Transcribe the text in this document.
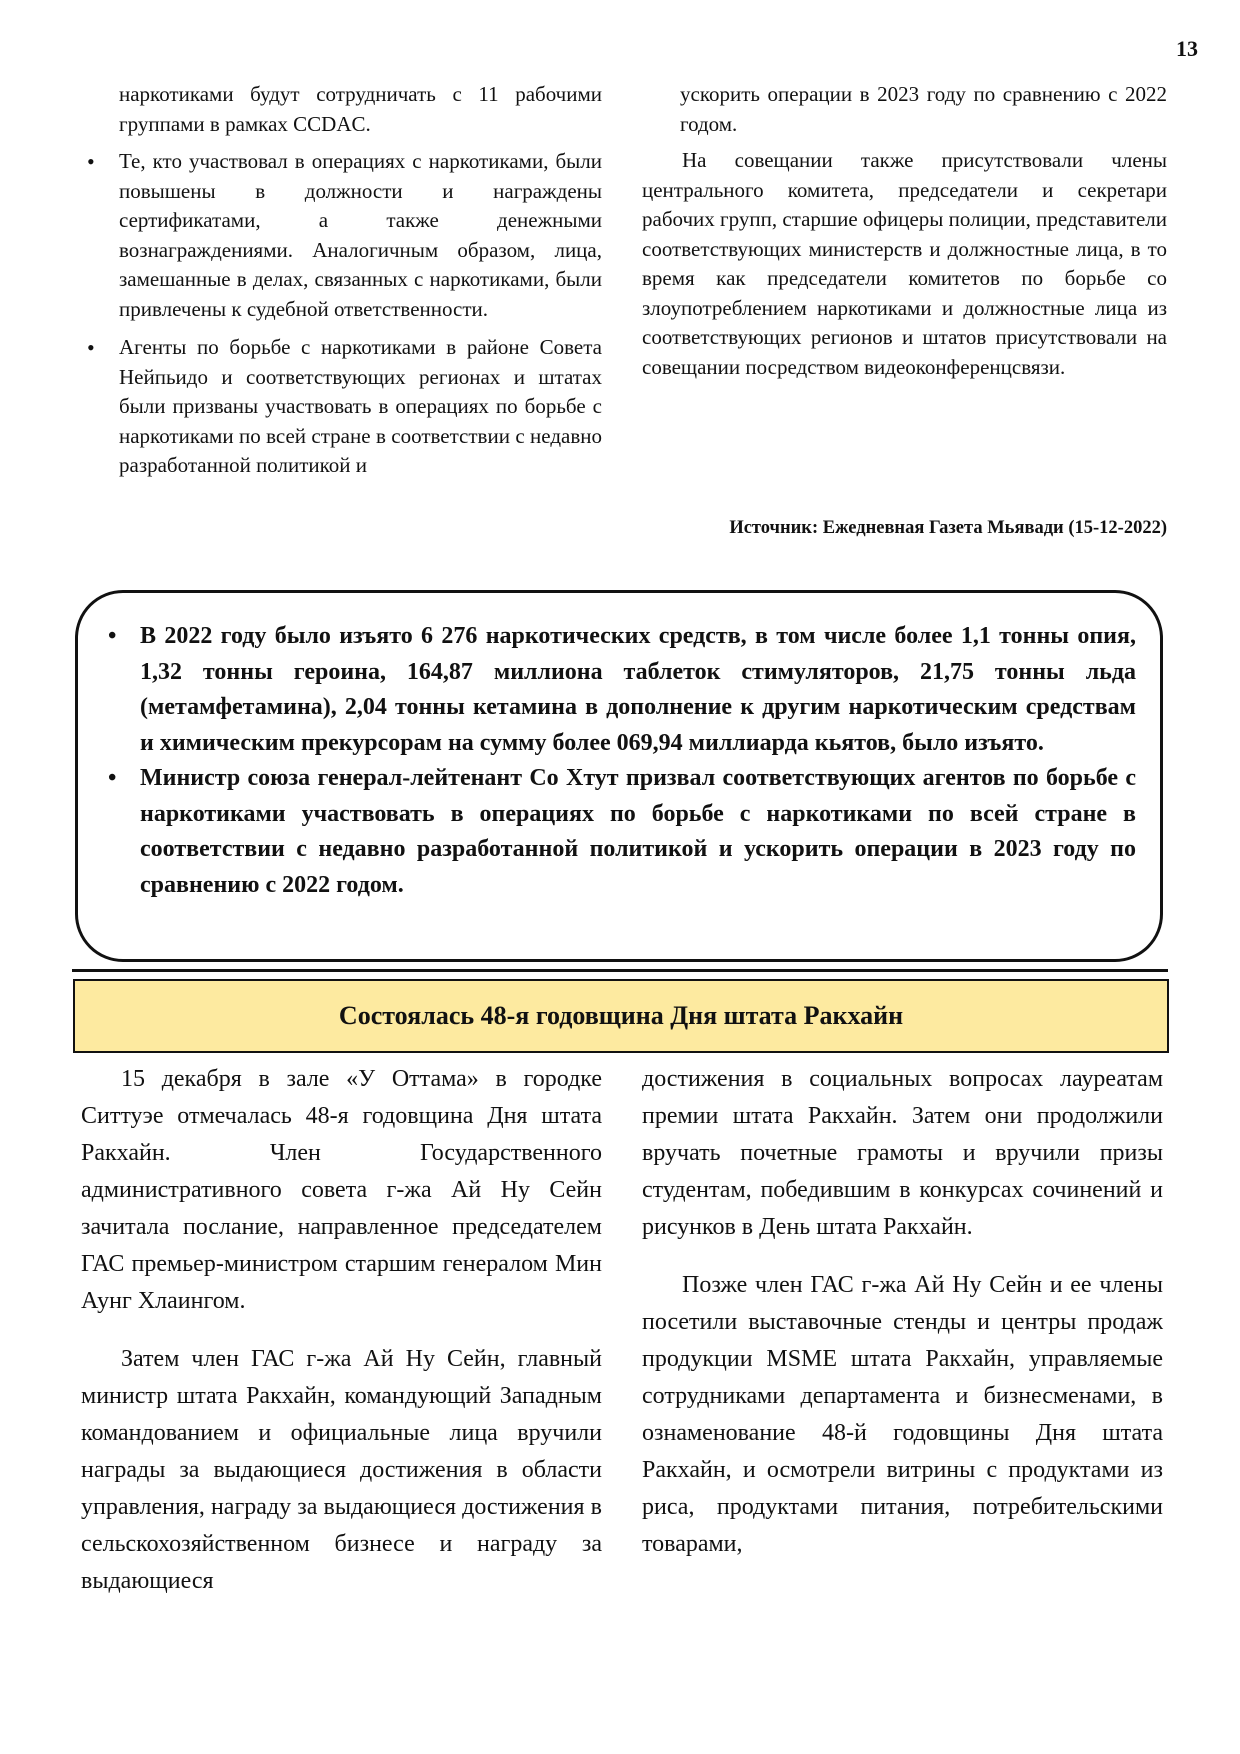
13

наркотиками будут сотрудничать с 11 рабочими группами в рамках CCDAC.

• Те, кто участвовал в операциях с наркотиками, были повышены в должности и награждены сертификатами, а также денежными вознаграждениями. Аналогичным образом, лица, замешанные в делах, связанных с наркотиками, были привлечены к судебной ответственности.
• Агенты по борьбе с наркотиками в районе Совета Нейпьидо и соответствующих регионах и штатах были призваны участвовать в операциях по борьбе с наркотиками по всей стране в соответствии с недавно разработанной политикой и

ускорить операции в 2023 году по сравнению с 2022 годом.

На совещании также присутствовали члены центрального комитета, председатели и секретари рабочих групп, старшие офицеры полиции, представители соответствующих министерств и должностные лица, в то время как председатели комитетов по борьбе со злоупотреблением наркотиками и должностные лица из соответствующих регионов и штатов присутствовали на совещании посредством видеоконференцсвязи.

Источник: Ежедневная Газета Мьявади (15-12-2022)
• В 2022 году было изъято 6 276 наркотических средств, в том числе более 1,1 тонны опия, 1,32 тонны героина, 164,87 миллиона таблеток стимуляторов, 21,75 тонны льда (метамфетамина), 2,04 тонны кетамина в дополнение к другим наркотическим средствам и химическим прекурсорам на сумму более 069,94 миллиарда кьятов, было изъято.
• Министр союза генерал-лейтенант Со Хтут призвал соответствующих агентов по борьбе с наркотиками участвовать в операциях по борьбе с наркотиками по всей стране в соответствии с недавно разработанной политикой и ускорить операции в 2023 году по сравнению с 2022 годом.
Состоялась 48-я годовщина Дня штата Ракхайн

15 декабря в зале «У Оттама» в городке Ситтуэе отмечалась 48-я годовщина Дня штата Ракхайн. Член Государственного административного совета г-жа Ай Ну Сейн зачитала послание, направленное председателем ГАС премьер-министром старшим генералом Мин Аунг Хлаингом.

Затем член ГАС г-жа Ай Ну Сейн, главный министр штата Ракхайн, командующий Западным командованием и официальные лица вручили награды за выдающиеся достижения в области управления, награду за выдающиеся достижения в сельскохозяйственном бизнесе и награду за выдающиеся

достижения в социальных вопросах лауреатам премии штата Ракхайн. Затем они продолжили вручать почетные грамоты и вручили призы студентам, победившим в конкурсах сочинений и рисунков в День штата Ракхайн.

Позже член ГАС г-жа Ай Ну Сейн и ее члены посетили выставочные стенды и центры продаж продукции MSME штата Ракхайн, управляемые сотрудниками департамента и бизнесменами, в ознаменование 48-й годовщины Дня штата Ракхайн, и осмотрели витрины с продуктами из риса, продуктами питания, потребительскими товарами,
